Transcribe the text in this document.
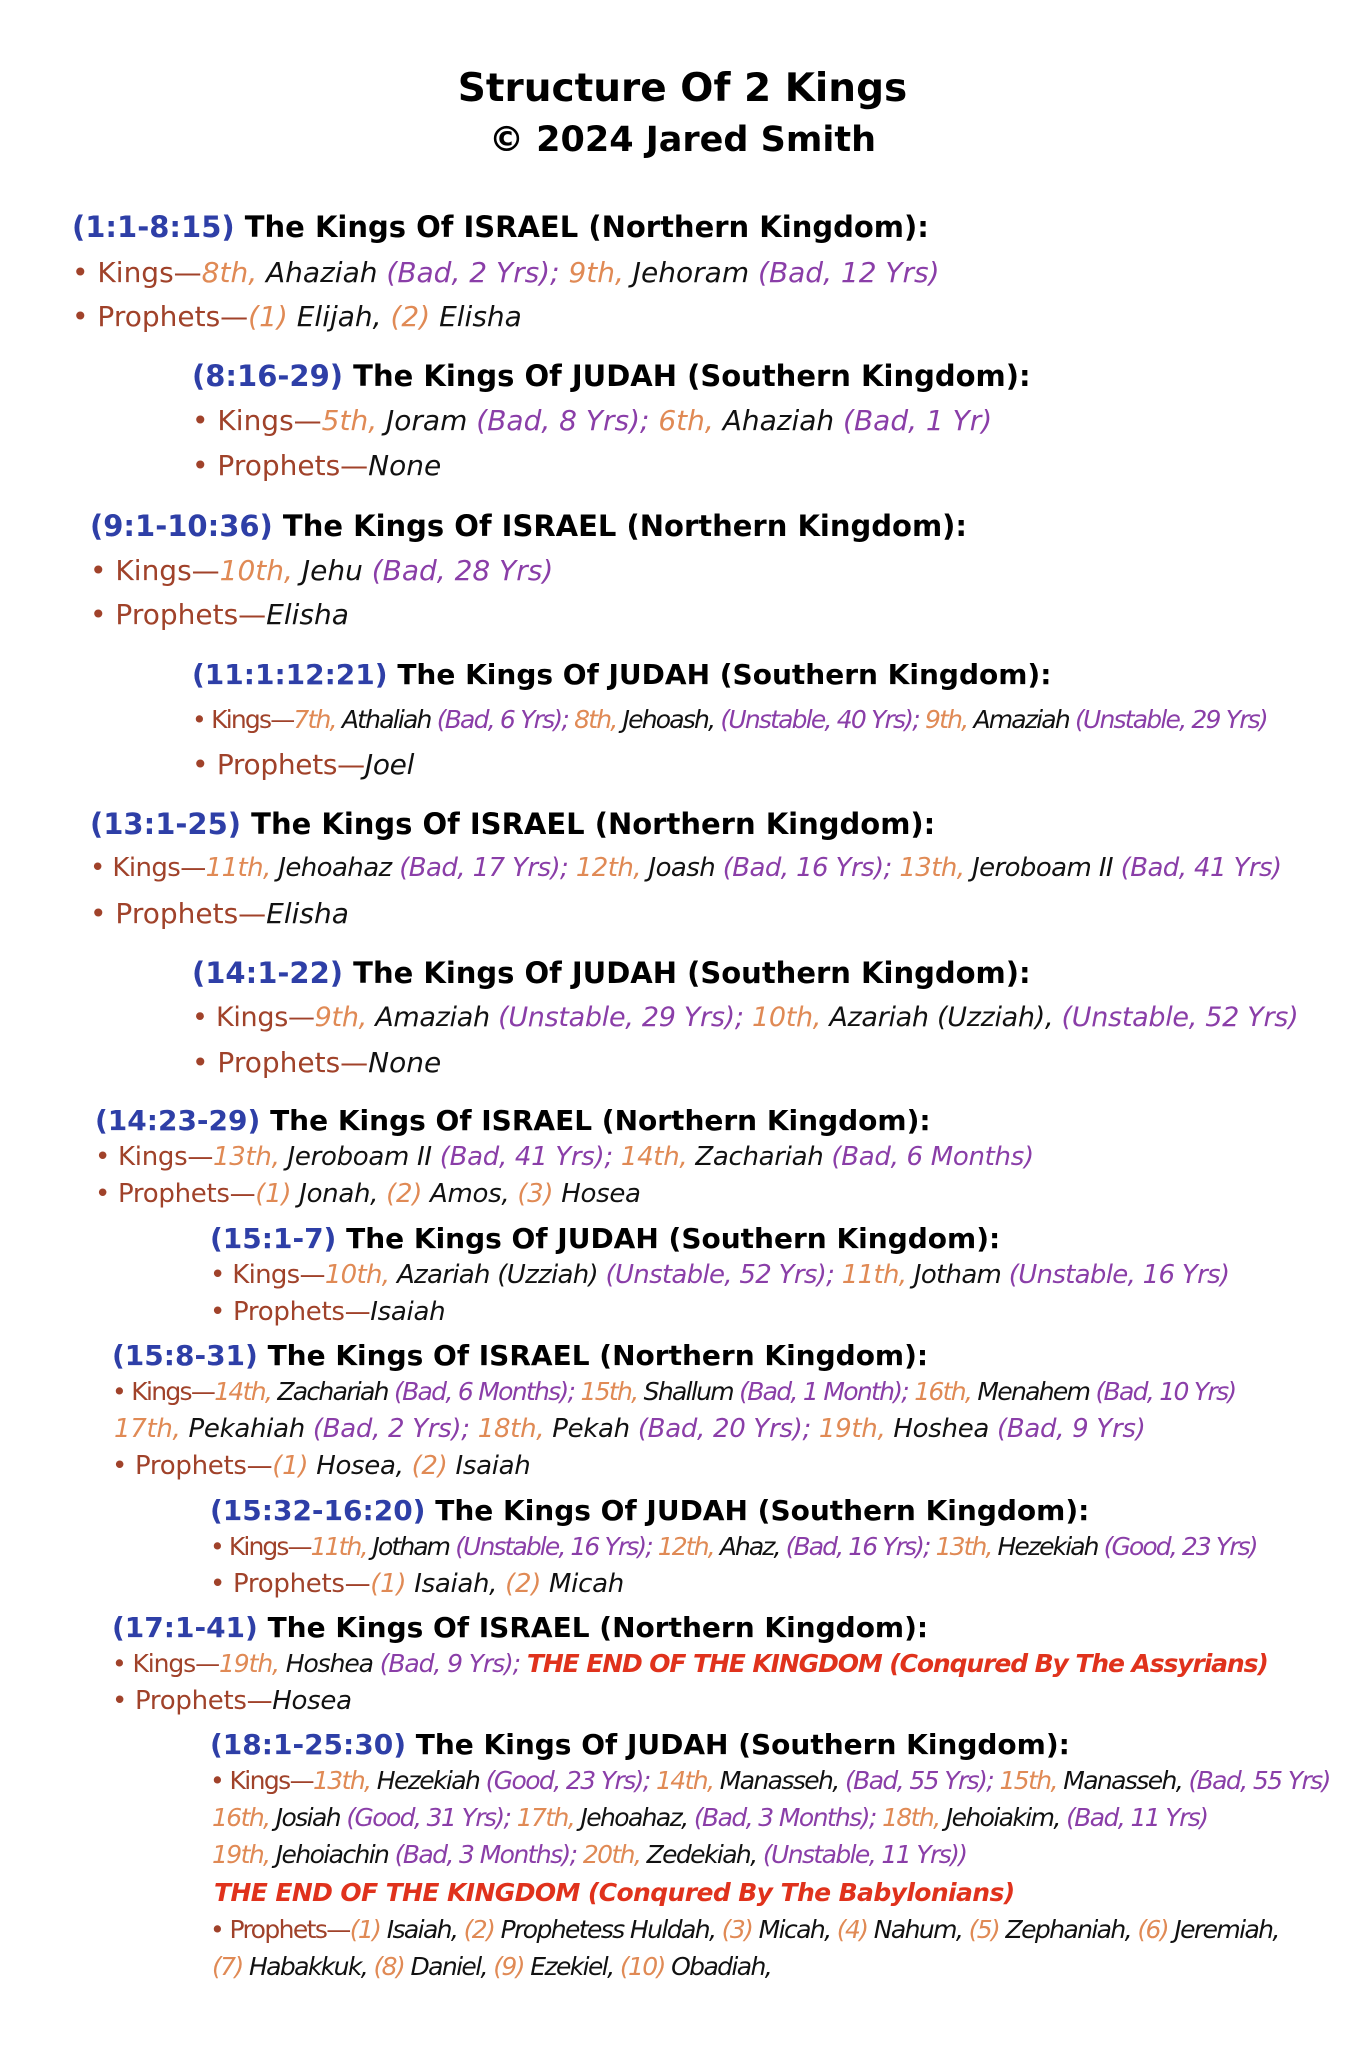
Structure Of 2 Kings
© 2024 Jared Smith
(1:1-8:15) The Kings Of ISRAEL (Northern Kingdom):
• Kings—8th, Ahaziah (Bad, 2 Yrs); 9th, Jehoram (Bad, 12 Yrs)
• Prophets—(1) Elijah, (2) Elisha
(8:16-29) The Kings Of JUDAH (Southern Kingdom):
• Kings—5th, Joram (Bad, 8 Yrs); 6th, Ahaziah (Bad, 1 Yr)
• Prophets—None
(9:1-10:36) The Kings Of ISRAEL (Northern Kingdom):
• Kings—10th, Jehu (Bad, 28 Yrs)
• Prophets—Elisha
(11:1:12:21) The Kings Of JUDAH (Southern Kingdom):
• Kings—7th, Athaliah (Bad, 6 Yrs); 8th, Jehoash, (Unstable, 40 Yrs); 9th, Amaziah (Unstable, 29 Yrs)
• Prophets—Joel
(13:1-25) The Kings Of ISRAEL (Northern Kingdom):
• Kings—11th, Jehoahaz (Bad, 17 Yrs); 12th, Joash (Bad, 16 Yrs); 13th, Jeroboam II (Bad, 41 Yrs)
• Prophets—Elisha
(14:1-22) The Kings Of JUDAH (Southern Kingdom):
• Kings—9th, Amaziah (Unstable, 29 Yrs); 10th, Azariah (Uzziah), (Unstable, 52 Yrs)
• Prophets—None
(14:23-29) The Kings Of ISRAEL (Northern Kingdom):
• Kings—13th, Jeroboam II (Bad, 41 Yrs); 14th, Zachariah (Bad, 6 Months)
• Prophets—(1) Jonah, (2) Amos, (3) Hosea
(15:1-7) The Kings Of JUDAH (Southern Kingdom):
• Kings—10th, Azariah (Uzziah) (Unstable, 52 Yrs); 11th, Jotham (Unstable, 16 Yrs)
• Prophets—Isaiah
(15:8-31) The Kings Of ISRAEL (Northern Kingdom):
• Kings—14th, Zachariah (Bad, 6 Months); 15th, Shallum (Bad, 1 Month); 16th, Menahem (Bad, 10 Yrs)
17th, Pekahiah (Bad, 2 Yrs); 18th, Pekah (Bad, 20 Yrs); 19th, Hoshea (Bad, 9 Yrs)
• Prophets—(1) Hosea, (2) Isaiah
(15:32-16:20) The Kings Of JUDAH (Southern Kingdom):
• Kings—11th, Jotham (Unstable, 16 Yrs); 12th, Ahaz, (Bad, 16 Yrs); 13th, Hezekiah (Good, 23 Yrs)
• Prophets—(1) Isaiah, (2) Micah
(17:1-41) The Kings Of ISRAEL (Northern Kingdom):
• Kings—19th, Hoshea (Bad, 9 Yrs); THE END OF THE KINGDOM (Conqured By The Assyrians)
• Prophets—Hosea
(18:1-25:30) The Kings Of JUDAH (Southern Kingdom):
• Kings—13th, Hezekiah (Good, 23 Yrs); 14th, Manasseh, (Bad, 55 Yrs); 15th, Manasseh, (Bad, 55 Yrs)
16th, Josiah (Good, 31 Yrs); 17th, Jehoahaz, (Bad, 3 Months); 18th, Jehoiakim, (Bad, 11 Yrs)
19th, Jehoiachin (Bad, 3 Months); 20th, Zedekiah, (Unstable, 11 Yrs))
THE END OF THE KINGDOM (Conqured By The Babylonians)
• Prophets—(1) Isaiah, (2) Prophetess Huldah, (3) Micah, (4) Nahum, (5) Zephaniah, (6) Jeremiah,
(7) Habakkuk, (8) Daniel, (9) Ezekiel, (10) Obadiah,
